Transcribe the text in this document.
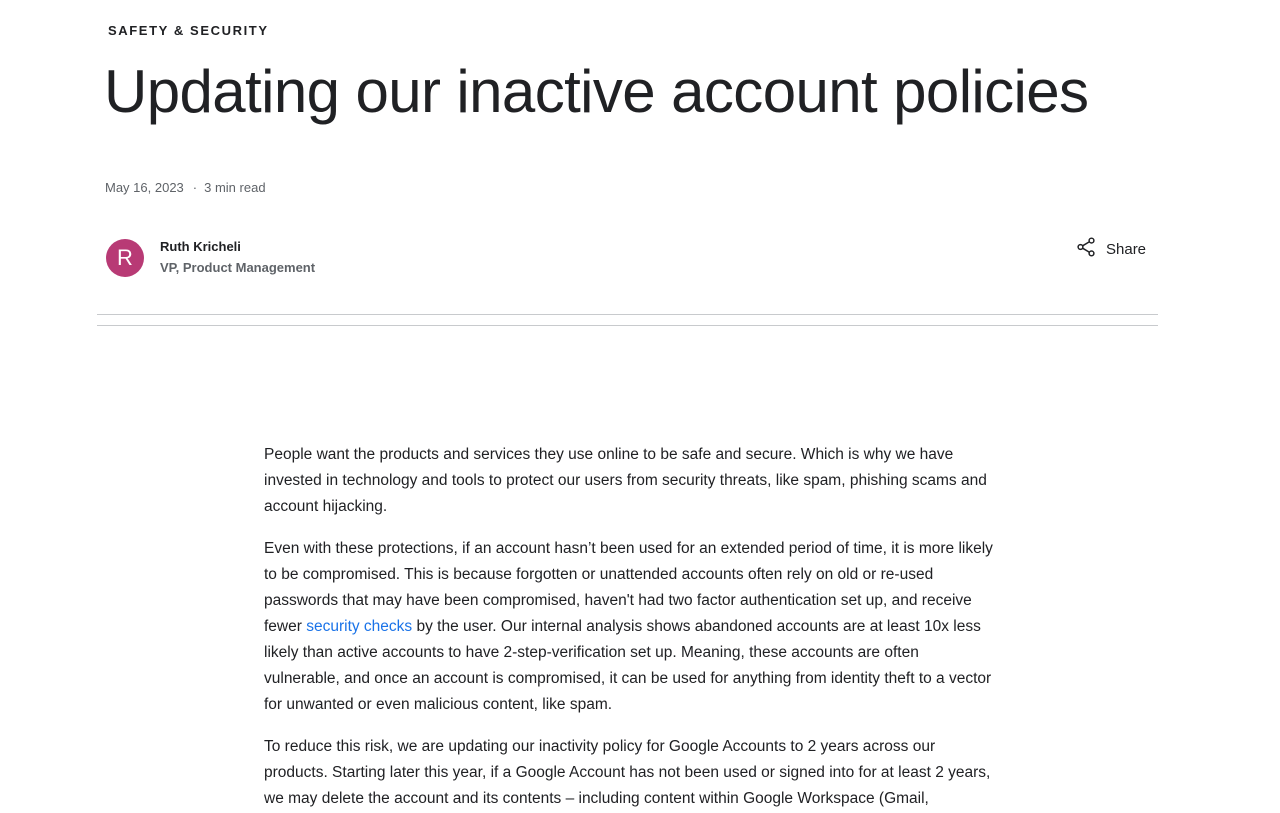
SAFETY & SECURITY
Updating our inactive account policies
May 16, 2023 · 3 min read
R	Ruth Kricheli
VP, Product Management
Share

People want the products and services they use online to be safe and secure. Which is why we have invested in technology and tools to protect our users from security threats, like spam, phishing scams and account hijacking.

Even with these protections, if an account hasn’t been used for an extended period of time, it is more likely to be compromised. This is because forgotten or unattended accounts often rely on old or re-used passwords that may have been compromised, haven't had two factor authentication set up, and receive fewer security checks by the user. Our internal analysis shows abandoned accounts are at least 10x less likely than active accounts to have 2-step-verification set up. Meaning, these accounts are often vulnerable, and once an account is compromised, it can be used for anything from identity theft to a vector for unwanted or even malicious content, like spam.

To reduce this risk, we are updating our inactivity policy for Google Accounts to 2 years across our products. Starting later this year, if a Google Account has not been used or signed into for at least 2 years, we may delete the account and its contents – including content within Google Workspace (Gmail,
